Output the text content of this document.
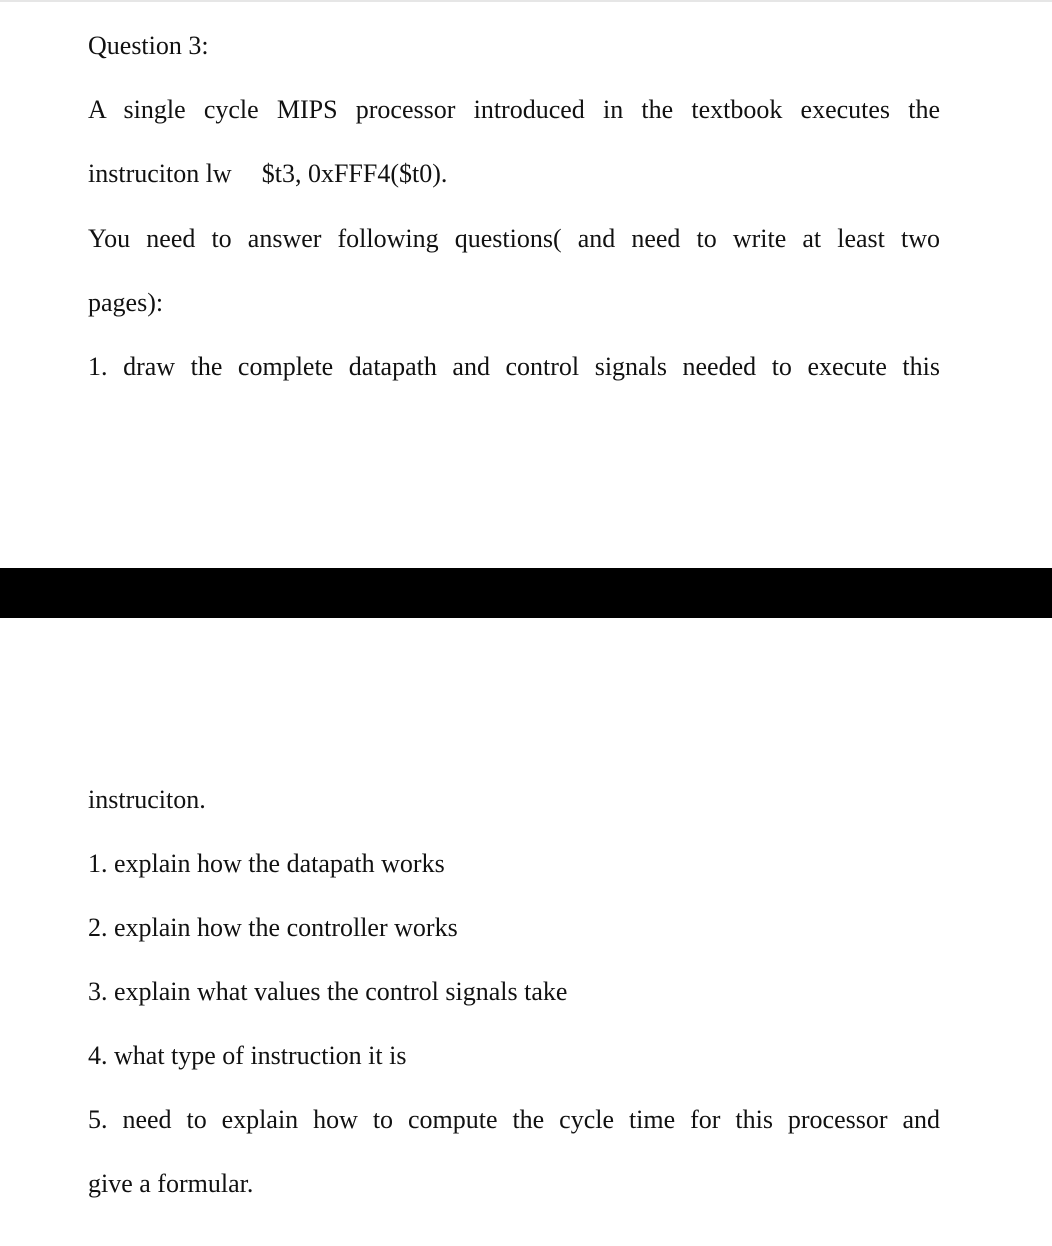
Question 3:
A single cycle MIPS processor introduced in the textbook executes the
instruciton lw $t3, 0xFFF4($t0).
You need to answer following questions( and need to write at least two
pages):
1. draw the complete datapath and control signals needed to execute this
instruciton.
1. explain how the datapath works
2. explain how the controller works
3. explain what values the control signals take
4. what type of instruction it is
5. need to explain how to compute the cycle time for this processor and
give a formular.
